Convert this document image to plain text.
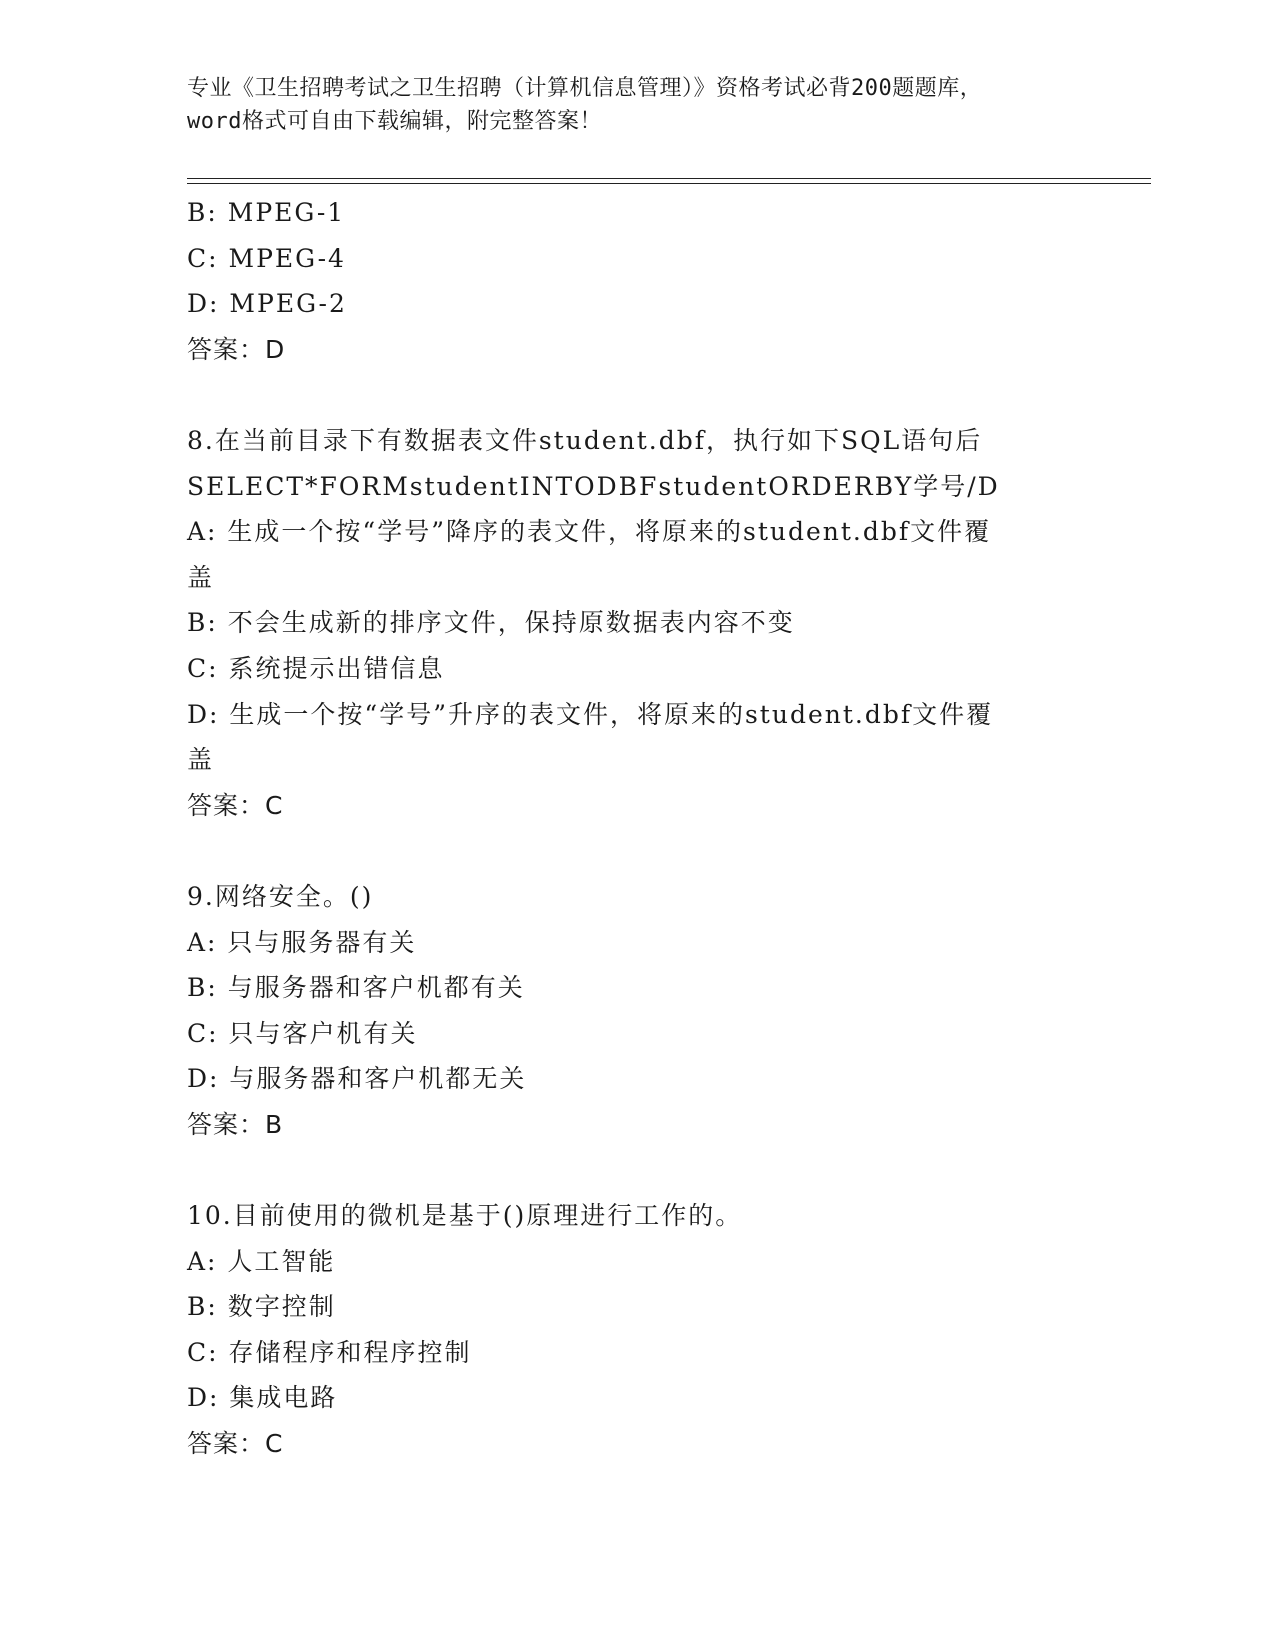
专业《卫生招聘考试之卫生招聘（计算机信息管理）》资格考试必背200题题库，
word格式可自由下载编辑，附完整答案！
B: MPEG-1
C: MPEG-4
D: MPEG-2
答案：D
8.在当前目录下有数据表文件student.dbf，执行如下SQL语句后
SELECT*FORMstudentINTODBFstudentORDERBY学号/D
A: 生成一个按“学号”降序的表文件，将原来的student.dbf文件覆
盖
B: 不会生成新的排序文件，保持原数据表内容不变
C: 系统提示出错信息
D: 生成一个按“学号”升序的表文件，将原来的student.dbf文件覆
盖
答案：C
9.网络安全。()
A: 只与服务器有关
B: 与服务器和客户机都有关
C: 只与客户机有关
D: 与服务器和客户机都无关
答案：B
10.目前使用的微机是基于()原理进行工作的。
A: 人工智能
B: 数字控制
C: 存储程序和程序控制
D: 集成电路
答案：C
